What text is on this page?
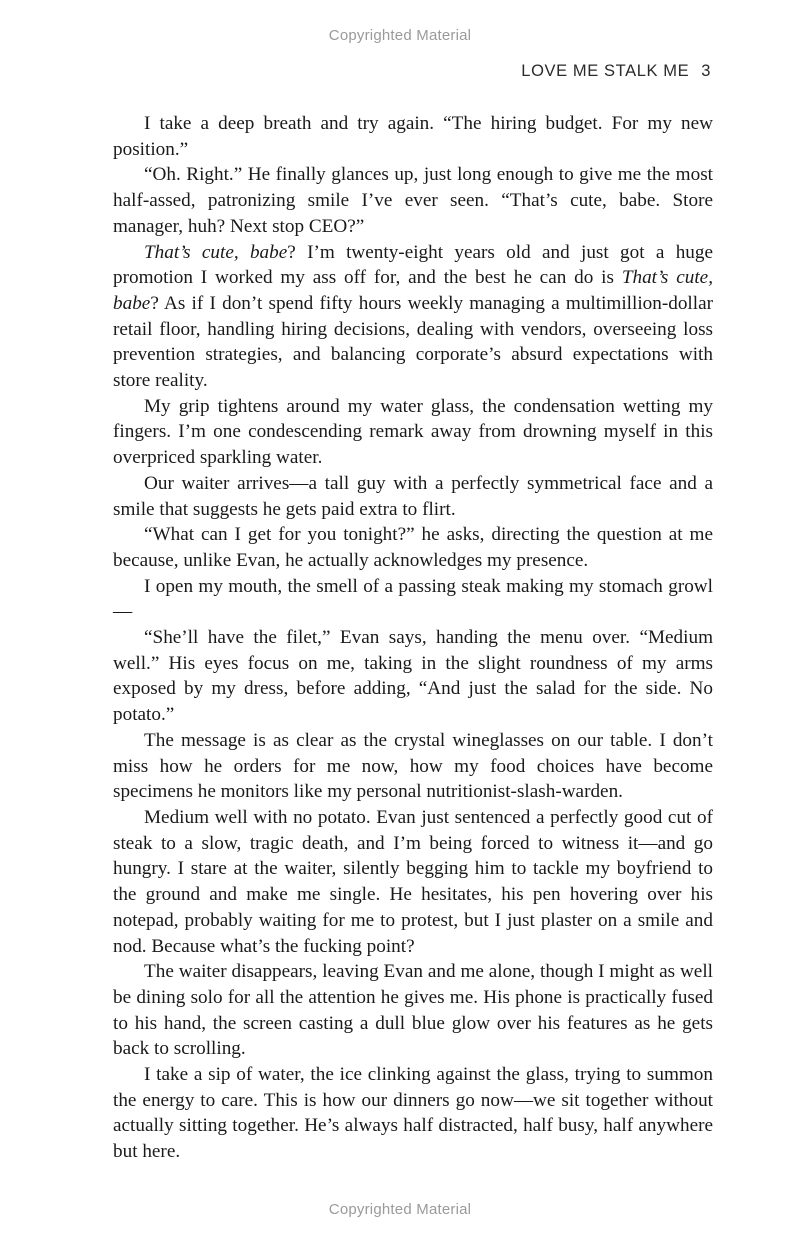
Copyrighted Material
LOVE ME STALK ME 3

I take a deep breath and try again. “The hiring budget. For my new position.”

“Oh. Right.” He finally glances up, just long enough to give me the most half-assed, patronizing smile I’ve ever seen. “That’s cute, babe. Store manager, huh? Next stop CEO?”

That’s cute, babe? I’m twenty-eight years old and just got a huge promotion I worked my ass off for, and the best he can do is That’s cute, babe? As if I don’t spend fifty hours weekly managing a multimillion-dollar retail floor, handling hiring decisions, dealing with vendors, overseeing loss prevention strategies, and balancing corporate’s absurd expectations with store reality.

My grip tightens around my water glass, the condensation wetting my fingers. I’m one condescending remark away from drowning myself in this overpriced sparkling water.

Our waiter arrives—a tall guy with a perfectly symmetrical face and a smile that suggests he gets paid extra to flirt.

“What can I get for you tonight?” he asks, directing the question at me because, unlike Evan, he actually acknowledges my presence.

I open my mouth, the smell of a passing steak making my stomach growl—

“She’ll have the filet,” Evan says, handing the menu over. “Medium well.” His eyes focus on me, taking in the slight roundness of my arms exposed by my dress, before adding, “And just the salad for the side. No potato.”

The message is as clear as the crystal wineglasses on our table. I don’t miss how he orders for me now, how my food choices have become specimens he monitors like my personal nutritionist-slash-warden.

Medium well with no potato. Evan just sentenced a perfectly good cut of steak to a slow, tragic death, and I’m being forced to witness it—and go hungry. I stare at the waiter, silently begging him to tackle my boyfriend to the ground and make me single. He hesitates, his pen hovering over his notepad, probably waiting for me to protest, but I just plaster on a smile and nod. Because what’s the fucking point?

The waiter disappears, leaving Evan and me alone, though I might as well be dining solo for all the attention he gives me. His phone is practically fused to his hand, the screen casting a dull blue glow over his features as he gets back to scrolling.

I take a sip of water, the ice clinking against the glass, trying to summon the energy to care. This is how our dinners go now—we sit together without actually sitting together. He’s always half distracted, half busy, half anywhere but here.

Copyrighted Material
